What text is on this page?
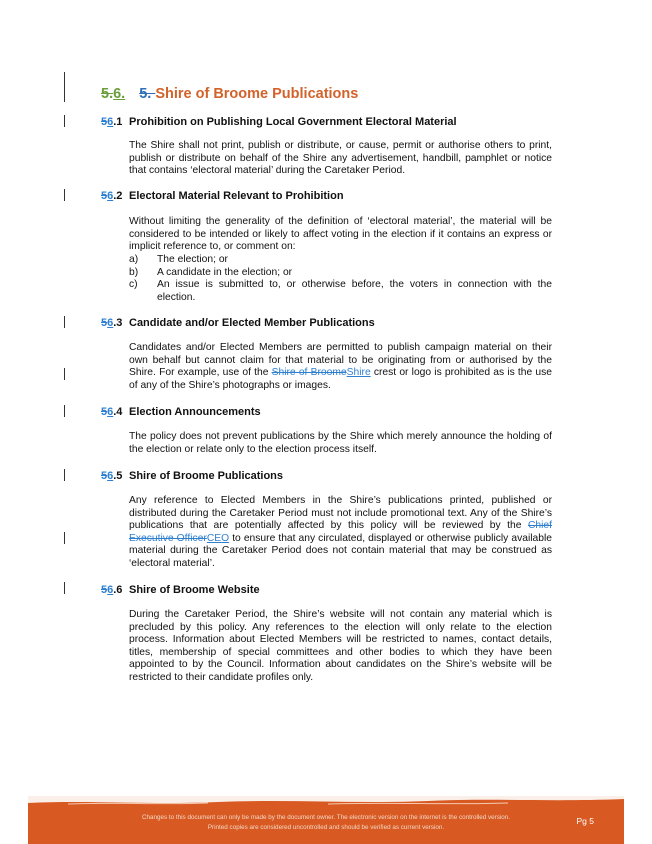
5.6. 5. Shire of Broome Publications
56.1 Prohibition on Publishing Local Government Electoral Material

The Shire shall not print, publish or distribute, or cause, permit or authorise others to print, publish or distribute on behalf of the Shire any advertisement, handbill, pamphlet or notice that contains ‘electoral material’ during the Caretaker Period.

56.2 Electoral Material Relevant to Prohibition

Without limiting the generality of the definition of ‘electoral material’, the material will be considered to be intended or likely to affect voting in the election if it contains an express or implicit reference to, or comment on:

a)	The election; or
b)	A candidate in the election; or
c)	An issue is submitted to, or otherwise before, the voters in connection with the election.
56.3 Candidate and/or Elected Member Publications

Candidates and/or Elected Members are permitted to publish campaign material on their own behalf but cannot claim for that material to be originating from or authorised by the Shire. For example, use of the Shire of BroomeShire crest or logo is prohibited as is the use of any of the Shire’s photographs or images.

56.4 Election Announcements

The policy does not prevent publications by the Shire which merely announce the holding of the election or relate only to the election process itself.

56.5 Shire of Broome Publications

Any reference to Elected Members in the Shire’s publications printed, published or distributed during the Caretaker Period must not include promotional text. Any of the Shire’s publications that are potentially affected by this policy will be reviewed by the Chief Executive OfficerCEO to ensure that any circulated, displayed or otherwise publicly available material during the Caretaker Period does not contain material that may be construed as ‘electoral material’.

56.6 Shire of Broome Website

During the Caretaker Period, the Shire’s website will not contain any material which is precluded by this policy. Any references to the election will only relate to the election process. Information about Elected Members will be restricted to names, contact details, titles, membership of special committees and other bodies to which they have been appointed to by the Council. Information about candidates on the Shire’s website will be restricted to their candidate profiles only.

Changes to this document can only be made by the document owner. The electronic version on the internet is the controlled version.

Printed copies are considered uncontrolled and should be verified as current version.

Pg 5
